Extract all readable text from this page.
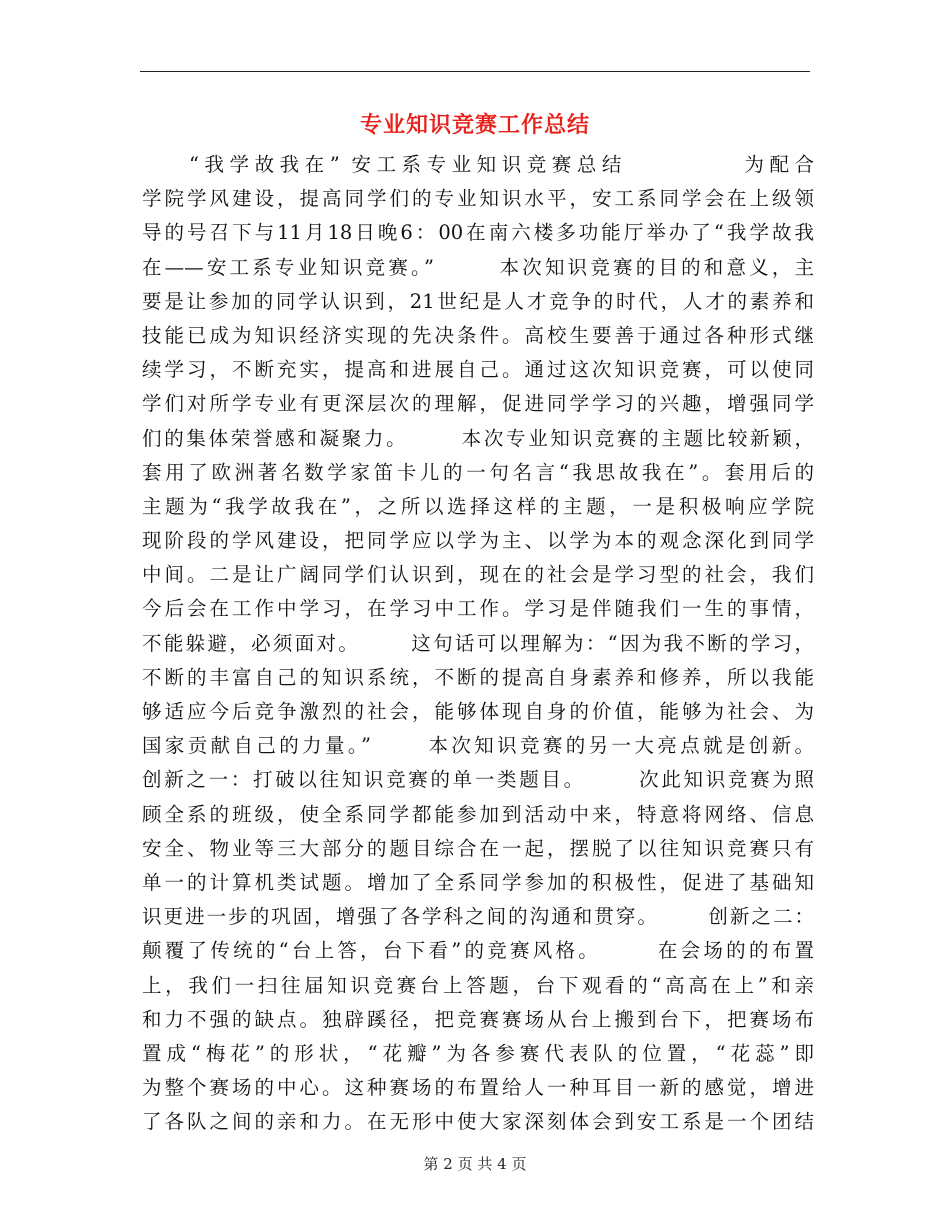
专业知识竞赛工作总结
“我学故我在” 安工系专业知识竞赛总结          为配合
学院学风建设，提高同学们的专业知识水平，安工系同学会在上级领
导的号召下与11月18日晚6：00在南六楼多功能厅举办了“我学故我
在——安工系专业知识竞赛。”       本次知识竞赛的目的和意义，主
要是让参加的同学认识到，21世纪是人才竞争的时代，人才的素养和
技能已成为知识经济实现的先决条件。高校生要善于通过各种形式继
续学习，不断充实，提高和进展自己。通过这次知识竞赛，可以使同
学们对所学专业有更深层次的理解，促进同学学习的兴趣，增强同学
们的集体荣誉感和凝聚力。      本次专业知识竞赛的主题比较新颖，
套用了欧洲著名数学家笛卡儿的一句名言“我思故我在”。套用后的
主题为“我学故我在”，之所以选择这样的主题，一是积极响应学院
现阶段的学风建设，把同学应以学为主、以学为本的观念深化到同学
中间。二是让广阔同学们认识到，现在的社会是学习型的社会，我们
今后会在工作中学习，在学习中工作。学习是伴随我们一生的事情，
不能躲避，必须面对。      这句话可以理解为：“因为我不断的学习，
不断的丰富自己的知识系统，不断的提高自身素养和修养，所以我能
够适应今后竞争激烈的社会，能够体现自身的价值，能够为社会、为
国家贡献自己的力量。”      本次知识竞赛的另一大亮点就是创新。
创新之一：打破以往知识竞赛的单一类题目。      次此知识竞赛为照
顾全系的班级，使全系同学都能参加到活动中来，特意将网络、信息
安全、物业等三大部分的题目综合在一起，摆脱了以往知识竞赛只有
单一的计算机类试题。增加了全系同学参加的积极性，促进了基础知
识更进一步的巩固，增强了各学科之间的沟通和贯穿。      创新之二：
颠覆了传统的“台上答，台下看”的竞赛风格。      在会场的的布置
上，我们一扫往届知识竞赛台上答题，台下观看的“高高在上”和亲
和力不强的缺点。独辟蹊径，把竞赛赛场从台上搬到台下，把赛场布
置成“梅花”的形状，“花瓣”为各参赛代表队的位置，“花蕊”即
为整个赛场的中心。这种赛场的布置给人一种耳目一新的感觉，增进
了各队之间的亲和力。在无形中使大家深刻体会到安工系是一个团结
第 2 页 共 4 页
